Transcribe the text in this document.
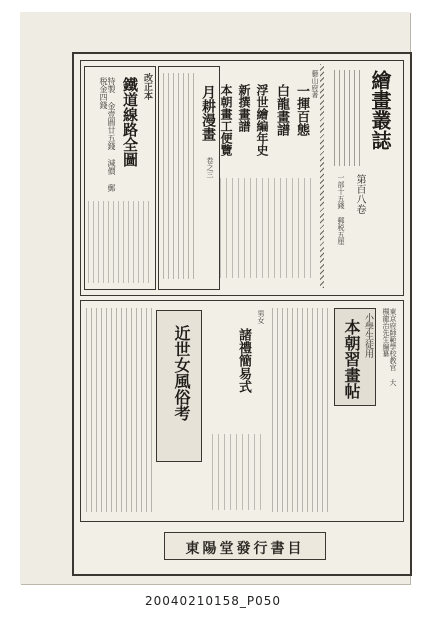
繪畫叢誌
第百八卷
一部十五錢 郵税五厘
藝山府著
一揮百態
白龍畫譜
浮世繪編年史
新撰畫譜
本朝畫工便覽
月耕漫畫
卷之三
改正本
鐵道線路全圖
特製 金壹圓廿五錢 減價 郵税金四錢
東京府師範學校教官 大槻龍治先生編纂
小學生徒用
本朝習畫帖
男女
諸禮簡易式
近世女風俗考
東陽堂發行書目
20040210158_P050
